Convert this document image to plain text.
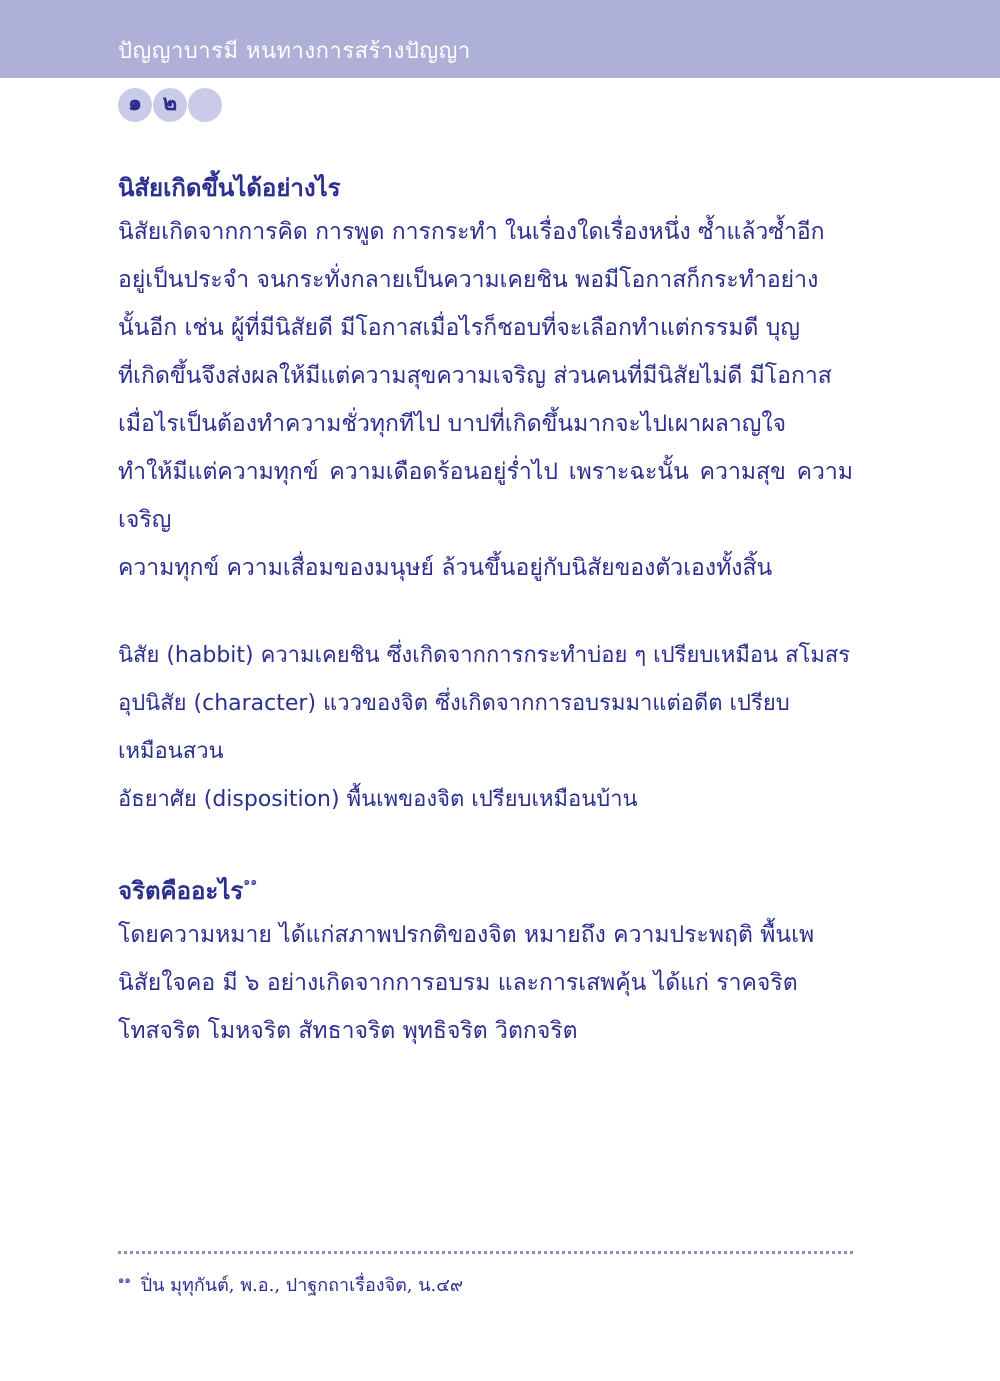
ปัญญาบารมี หนทางการสร้างปัญญา
๑ ๒
นิสัยเกิดขึ้นได้อย่างไร

นิสัยเกิดจากการคิด การพูด การกระทำ ในเรื่องใดเรื่องหนึ่ง ซ้ำแล้วซ้ำอีก

อยู่เป็นประจำ จนกระทั่งกลายเป็นความเคยชิน พอมีโอกาสก็กระทำอย่าง

นั้นอีก เช่น ผู้ที่มีนิสัยดี มีโอกาสเมื่อไรก็ชอบที่จะเลือกทำแต่กรรมดี บุญ

ที่เกิดขึ้นจึงส่งผลให้มีแต่ความสุขความเจริญ ส่วนคนที่มีนิสัยไม่ดี มีโอกาส

เมื่อไรเป็นต้องทำความชั่วทุกทีไป บาปที่เกิดขึ้นมากจะไปเผาผลาญใจ

ทำให้มีแต่ความทุกข์ ความเดือดร้อนอยู่ร่ำไป เพราะฉะนั้น ความสุข ความเจริญ

ความทุกข์ ความเสื่อมของมนุษย์ ล้วนขึ้นอยู่กับนิสัยของตัวเองทั้งสิ้น

นิสัย (habbit) ความเคยชิน ซึ่งเกิดจากการกระทำบ่อย ๆ เปรียบเหมือน สโมสร

อุปนิสัย (character) แววของจิต ซึ่งเกิดจากการอบรมมาแต่อดีต เปรียบ

เหมือนสวน

อัธยาศัย (disposition) พื้นเพของจิต เปรียบเหมือนบ้าน

จริตคืออะไร$^{๑๑}$

โดยความหมาย ได้แก่สภาพปรกติของจิต หมายถึง ความประพฤติ พื้นเพ

นิสัยใจคอ มี ๖ อย่างเกิดจากการอบรม และการเสพคุ้น ได้แก่ ราคจริต

โทสจริต โมหจริต สัทธาจริต พุทธิจริต วิตกจริต

$^{๑๑}$ ปิ่น มุทุกันต์, พ.อ., ปาฐกถาเรื่องจิต, น.๔๙
